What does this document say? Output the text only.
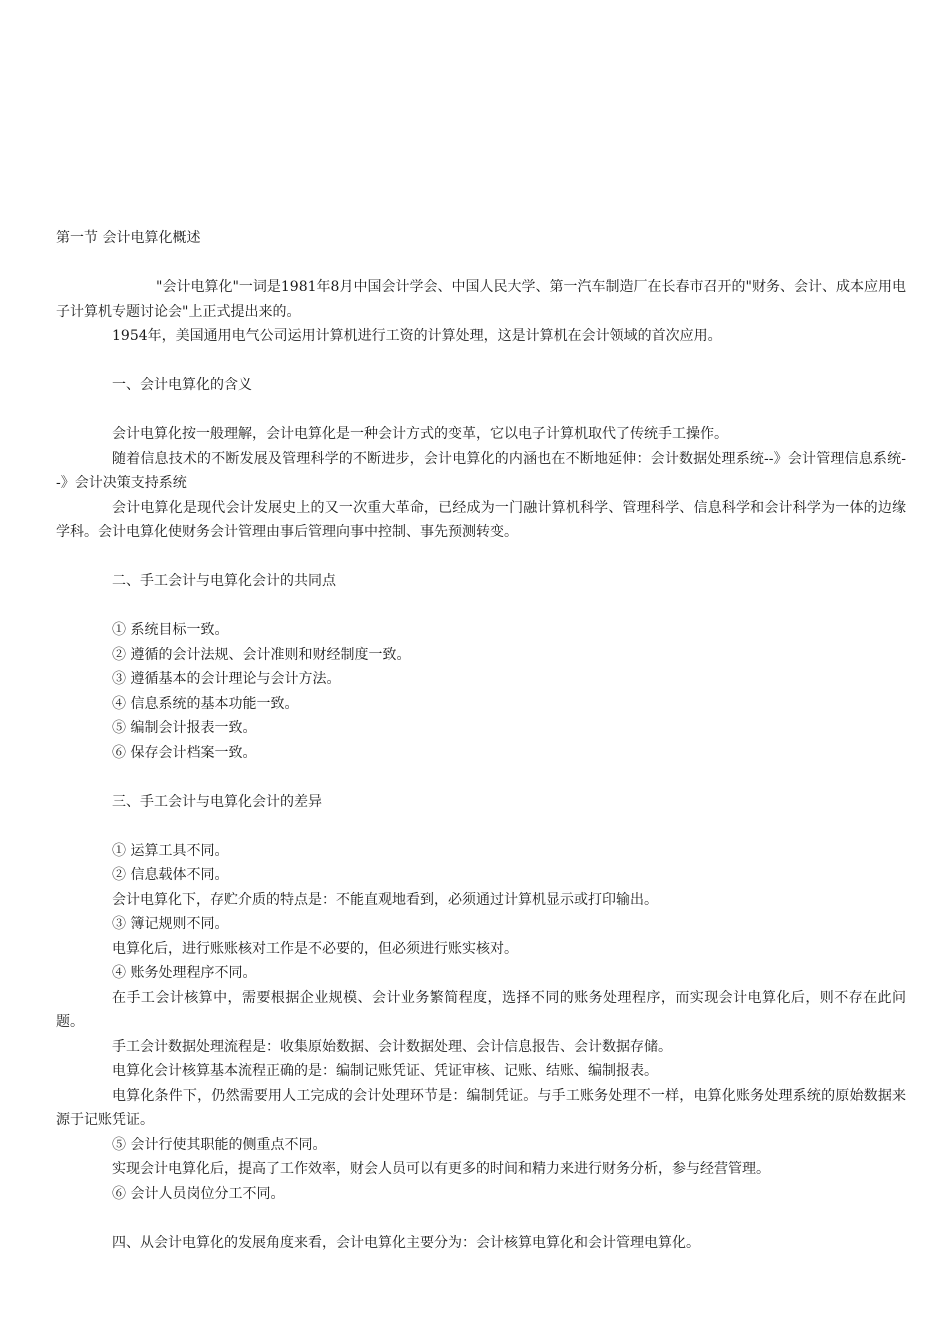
第一节 会计电算化概述

"会计电算化"一词是1981年8月中国会计学会、中国人民大学、第一汽车制造厂在长春市召开的"财务、会计、成本应用电子计算机专题讨论会"上正式提出来的。

1954年，美国通用电气公司运用计算机进行工资的计算处理，这是计算机在会计领域的首次应用。

一、会计电算化的含义

会计电算化按一般理解，会计电算化是一种会计方式的变革，它以电子计算机取代了传统手工操作。

随着信息技术的不断发展及管理科学的不断进步，会计电算化的内涵也在不断地延伸：会计数据处理系统--》会计管理信息系统--》会计决策支持系统

会计电算化是现代会计发展史上的又一次重大革命，已经成为一门融计算机科学、管理科学、信息科学和会计科学为一体的边缘学科。会计电算化使财务会计管理由事后管理向事中控制、事先预测转变。

二、手工会计与电算化会计的共同点

① 系统目标一致。

② 遵循的会计法规、会计准则和财经制度一致。

③ 遵循基本的会计理论与会计方法。

④ 信息系统的基本功能一致。

⑤ 编制会计报表一致。

⑥ 保存会计档案一致。

三、手工会计与电算化会计的差异

① 运算工具不同。

② 信息载体不同。

会计电算化下，存贮介质的特点是：不能直观地看到，必须通过计算机显示或打印输出。

③ 簿记规则不同。

电算化后，进行账账核对工作是不必要的，但必须进行账实核对。

④ 账务处理程序不同。

在手工会计核算中，需要根据企业规模、会计业务繁简程度，选择不同的账务处理程序，而实现会计电算化后，则不存在此问题。

手工会计数据处理流程是：收集原始数据、会计数据处理、会计信息报告、会计数据存储。

电算化会计核算基本流程正确的是：编制记账凭证、凭证审核、记账、结账、编制报表。

电算化条件下，仍然需要用人工完成的会计处理环节是：编制凭证。与手工账务处理不一样，电算化账务处理系统的原始数据来源于记账凭证。

⑤ 会计行使其职能的侧重点不同。

实现会计电算化后，提高了工作效率，财会人员可以有更多的时间和精力来进行财务分析，参与经营管理。

⑥ 会计人员岗位分工不同。

四、从会计电算化的发展角度来看，会计电算化主要分为：会计核算电算化和会计管理电算化。
